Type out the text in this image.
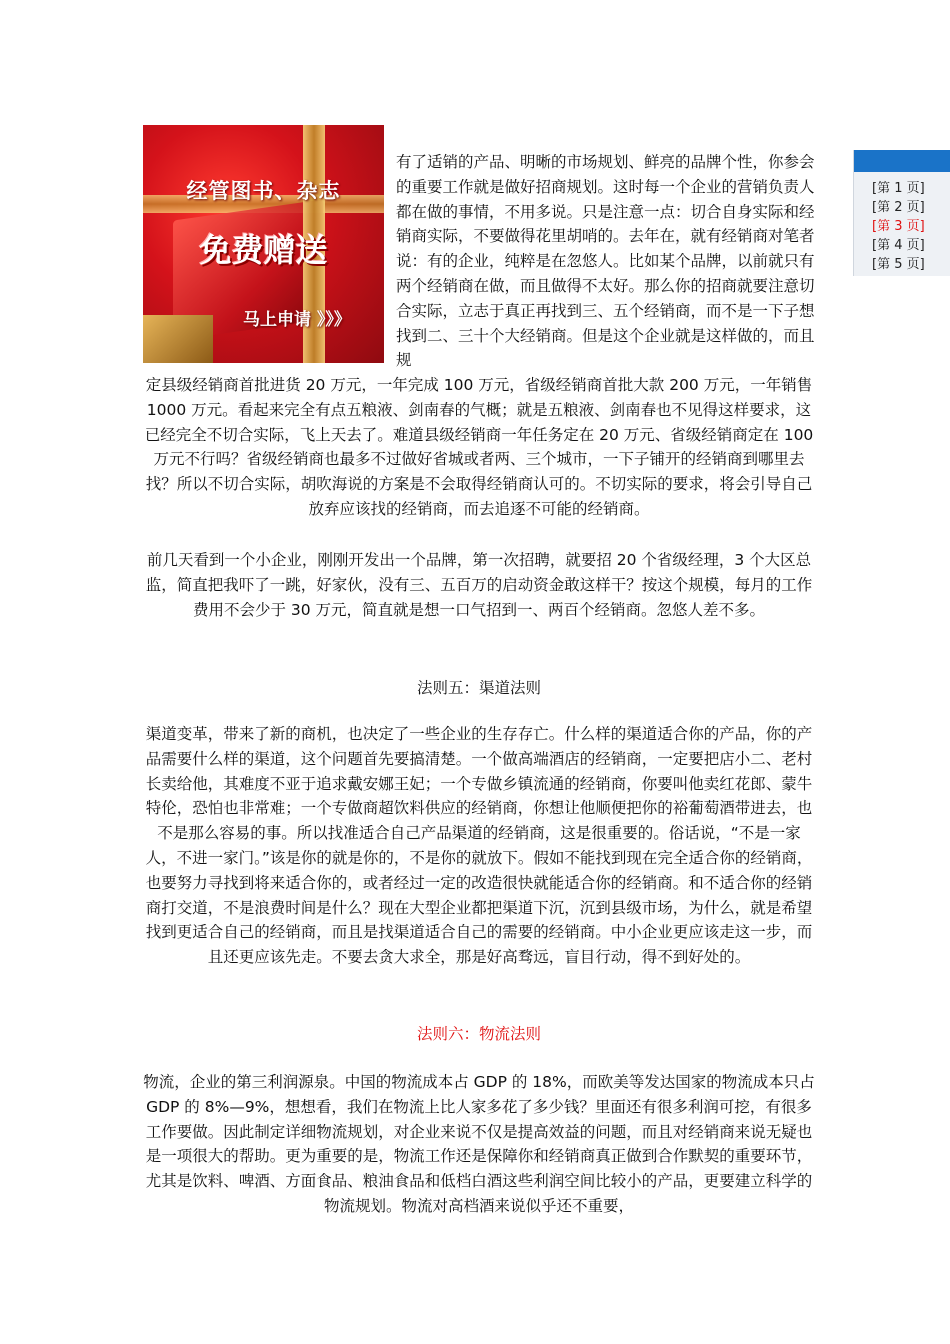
[第 1 页]
[第 2 页]
[第 3 页]
[第 4 页]
[第 5 页]
经管图书、杂志
免费赠送
马上申请 》》》

有了适销的产品、明晰的市场规划、鲜亮的品牌个性，你参会的重要工作就是做好招商规划。这时每一个企业的营销负责人都在做的事情，不用多说。只是注意一点：切合自身实际和经销商实际，不要做得花里胡哨的。去年在，就有经销商对笔者说：有的企业，纯粹是在忽悠人。比如某个品牌，以前就只有两个经销商在做，而且做得不太好。那么你的招商就要注意切合实际，立志于真正再找到三、五个经销商，而不是一下子想找到二、三十个大经销商。但是这个企业就是这样做的，而且规

定县级经销商首批进货 20 万元，一年完成 100 万元，省级经销商首批大款 200 万元，一年销售 1000 万元。看起来完全有点五粮液、剑南春的气概；就是五粮液、剑南春也不见得这样要求，这已经完全不切合实际，飞上天去了。难道县级经销商一年任务定在 20 万元、省级经销商定在 100 万元不行吗？省级经销商也最多不过做好省城或者两、三个城市，一下子铺开的经销商到哪里去找？所以不切合实际，胡吹海说的方案是不会取得经销商认可的。不切实际的要求，将会引导自己放弃应该找的经销商，而去追逐不可能的经销商。

前几天看到一个小企业，刚刚开发出一个品牌，第一次招聘，就要招 20 个省级经理，3 个大区总监，简直把我吓了一跳，好家伙，没有三、五百万的启动资金敢这样干？按这个规模，每月的工作费用不会少于 30 万元，简直就是想一口气招到一、两百个经销商。忽悠人差不多。

法则五：渠道法则

渠道变革，带来了新的商机，也决定了一些企业的生存存亡。什么样的渠道适合你的产品，你的产品需要什么样的渠道，这个问题首先要搞清楚。一个做高端酒店的经销商，一定要把店小二、老村长卖给他，其难度不亚于追求戴安娜王妃；一个专做乡镇流通的经销商，你要叫他卖红花郎、蒙牛特伦，恐怕也非常难；一个专做商超饮料供应的经销商，你想让他顺便把你的裕葡萄酒带进去，也不是那么容易的事。所以找准适合自己产品渠道的经销商，这是很重要的。俗话说，“不是一家人，不进一家门。”该是你的就是你的，不是你的就放下。假如不能找到现在完全适合你的经销商，也要努力寻找到将来适合你的，或者经过一定的改造很快就能适合你的经销商。和不适合你的经销商打交道，不是浪费时间是什么？现在大型企业都把渠道下沉，沉到县级市场，为什么，就是希望找到更适合自己的经销商，而且是找渠道适合自己的需要的经销商。中小企业更应该走这一步，而且还更应该先走。不要去贪大求全，那是好高骛远，盲目行动，得不到好处的。

法则六：物流法则

物流，企业的第三利润源泉。中国的物流成本占 GDP 的 18%，而欧美等发达国家的物流成本只占 GDP 的 8%—9%，想想看，我们在物流上比人家多花了多少钱？里面还有很多利润可挖，有很多工作要做。因此制定详细物流规划，对企业来说不仅是提高效益的问题，而且对经销商来说无疑也是一项很大的帮助。更为重要的是，物流工作还是保障你和经销商真正做到合作默契的重要环节，尤其是饮料、啤酒、方面食品、粮油食品和低档白酒这些利润空间比较小的产品，更要建立科学的物流规划。物流对高档酒来说似乎还不重要，
